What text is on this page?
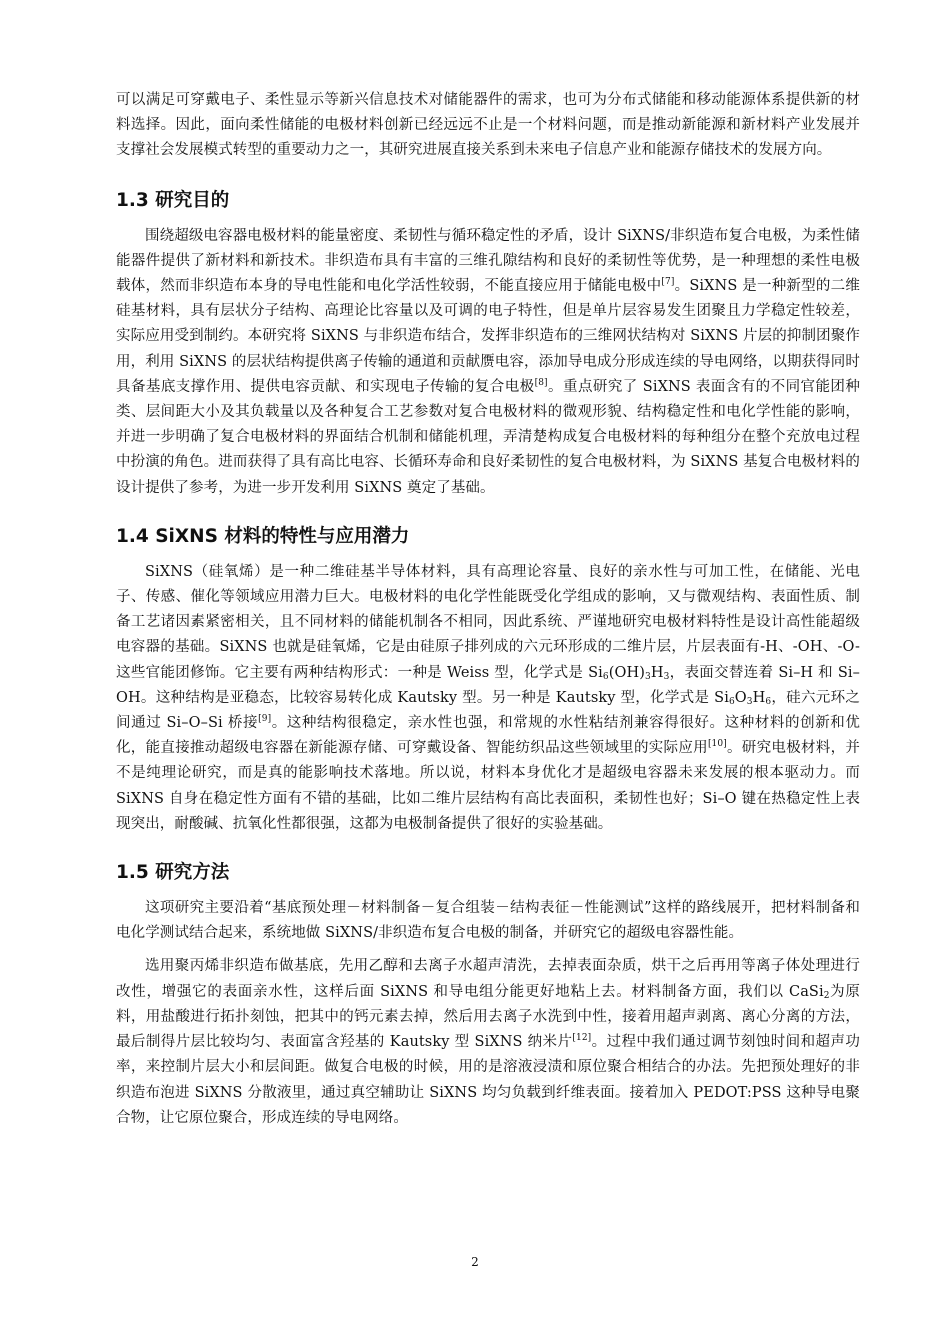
可以满足可穿戴电子、柔性显示等新兴信息技术对储能器件的需求，也可为分布式储能和移动能源体系提供新的材料选择。因此，面向柔性储能的电极材料创新已经远远不止是一个材料问题，而是推动新能源和新材料产业发展并支撑社会发展模式转型的重要动力之一，其研究进展直接关系到未来电子信息产业和能源存储技术的发展方向。

1.3 研究目的

围绕超级电容器电极材料的能量密度、柔韧性与循环稳定性的矛盾，设计 SiXNS/非织造布复合电极，为柔性储能器件提供了新材料和新技术。非织造布具有丰富的三维孔隙结构和良好的柔韧性等优势，是一种理想的柔性电极载体，然而非织造布本身的导电性能和电化学活性较弱，不能直接应用于储能电极中[7]。SiXNS 是一种新型的二维硅基材料，具有层状分子结构、高理论比容量以及可调的电子特性，但是单片层容易发生团聚且力学稳定性较差，实际应用受到制约。本研究将 SiXNS 与非织造布结合，发挥非织造布的三维网状结构对 SiXNS 片层的抑制团聚作用，利用 SiXNS 的层状结构提供离子传输的通道和贡献赝电容，添加导电成分形成连续的导电网络，以期获得同时具备基底支撑作用、提供电容贡献、和实现电子传输的复合电极[8]。重点研究了 SiXNS 表面含有的不同官能团种类、层间距大小及其负载量以及各种复合工艺参数对复合电极材料的微观形貌、结构稳定性和电化学性能的影响，并进一步明确了复合电极材料的界面结合机制和储能机理，弄清楚构成复合电极材料的每种组分在整个充放电过程中扮演的角色。进而获得了具有高比电容、长循环寿命和良好柔韧性的复合电极材料，为 SiXNS 基复合电极材料的设计提供了参考，为进一步开发利用 SiXNS 奠定了基础。

1.4 SiXNS 材料的特性与应用潜力

SiXNS（硅氧烯）是一种二维硅基半导体材料，具有高理论容量、良好的亲水性与可加工性，在储能、光电子、传感、催化等领域应用潜力巨大。电极材料的电化学性能既受化学组成的影响，又与微观结构、表面性质、制备工艺诸因素紧密相关，且不同材料的储能机制各不相同，因此系统、严谨地研究电极材料特性是设计高性能超级电容器的基础。SiXNS 也就是硅氧烯，它是由硅原子排列成的六元环形成的二维片层，片层表面有-H、-OH、-O-这些官能团修饰。它主要有两种结构形式：一种是 Weiss 型，化学式是 $Si_6(OH)_3H_3$，表面交替连着 Si–H 和 Si–OH。这种结构是亚稳态，比较容易转化成 Kautsky 型。另一种是 Kautsky 型，化学式是 $Si_6O_3H_6$，硅六元环之间通过 Si–O–Si 桥接[9]。这种结构很稳定，亲水性也强，和常规的水性粘结剂兼容得很好。这种材料的创新和优化，能直接推动超级电容器在新能源存储、可穿戴设备、智能纺织品这些领域里的实际应用[10]。研究电极材料，并不是纯理论研究，而是真的能影响技术落地。所以说，材料本身优化才是超级电容器未来发展的根本驱动力。而 SiXNS 自身在稳定性方面有不错的基础，比如二维片层结构有高比表面积，柔韧性也好；Si–O 键在热稳定性上表现突出，耐酸碱、抗氧化性都很强，这都为电极制备提供了很好的实验基础。

1.5 研究方法

这项研究主要沿着“基底预处理－材料制备－复合组装－结构表征－性能测试”这样的路线展开，把材料制备和电化学测试结合起来，系统地做 SiXNS/非织造布复合电极的制备，并研究它的超级电容器性能。

选用聚丙烯非织造布做基底，先用乙醇和去离子水超声清洗，去掉表面杂质，烘干之后再用等离子体处理进行改性，增强它的表面亲水性，这样后面 SiXNS 和导电组分能更好地粘上去。材料制备方面，我们以 CaSi$_2$为原料，用盐酸进行拓扑刻蚀，把其中的钙元素去掉，然后用去离子水洗到中性，接着用超声剥离、离心分离的方法，最后制得片层比较均匀、表面富含羟基的 Kautsky 型 SiXNS 纳米片[12]。过程中我们通过调节刻蚀时间和超声功率，来控制片层大小和层间距。做复合电极的时候，用的是溶液浸渍和原位聚合相结合的办法。先把预处理好的非织造布泡进 SiXNS 分散液里，通过真空辅助让 SiXNS 均匀负载到纤维表面。接着加入 PEDOT:PSS 这种导电聚合物，让它原位聚合，形成连续的导电网络。

2
